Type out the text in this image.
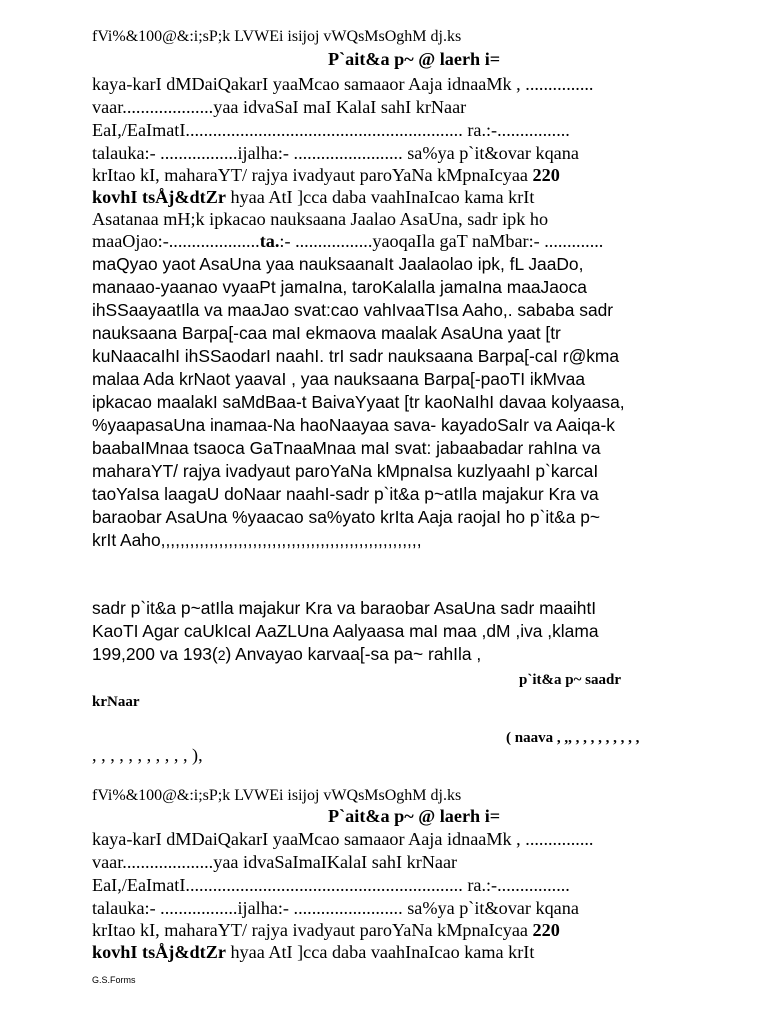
fVi%&100@&:i;sP;k LVWEi isijoj vWQsMsOghM dj.ks
P`ait&a p~ @ laerh i=
kaya-karI dMDaiQakarI yaaMcao samaaor Aaja idnaaMk , ...............
vaar....................yaa idvaSaI maI KalaI sahI krNaar
EaI,/EaImatI............................................................. ra.:-................
talauka:- .................ijalha:- ........................ sa%ya p`it&ovar kqana
krItao kI, maharaYT/ rajya ivadyaut paroYaNa kMpnaIcyaa 220
kovhI tsÅj&dtZr hyaa AtI ]cca daba vaahInaIcao kama krIt
Asatanaa mH;k ipkacao nauksaana Jaalao AsaUna, sadr ipk ho
maaOjao:-....................ta.:- .................yaoqaIla gaT naMbar:- .............
maQyao yaot AsaUna yaa nauksaanaIt Jaalaolao ipk, fL JaaDo,
manaao-yaanao vyaaPt jamaIna, taroKalaIla jamaIna maaJaoca
ihSSaayaatIla va maaJao svat:cao vahIvaaTIsa Aaho,. sababa sadr
nauksaana Barpa[-caa maI ekmaova maalak AsaUna yaat [tr
kuNaacaIhI ihSSaodarI naahI. trI sadr nauksaana Barpa[-caI r@kma
malaa Ada krNaot yaavaI , yaa nauksaana Barpa[-paoTI ikMvaa
ipkacao maalakI saMdBaa-t BaivaYyaat [tr kaoNaIhI davaa kolyaasa,
%yaapasaUna inamaa-Na haoNaayaa sava- kayadoSaIr va Aaiqa-k
baabaIMnaa tsaoca GaTnaaMnaa maI svat: jabaabadar rahIna va
maharaYT/ rajya ivadyaut paroYaNa kMpnaIsa kuzlyaahI p`karcaI
taoYaIsa laagaU doNaar naahI-sadr p`it&a p~atIla majakur Kra va
baraobar AsaUna %yaacao sa%yato krIta Aaja raojaI ho p`it&a p~
krIt Aaho,,,,,,,,,,,,,,,,,,,,,,,,,,,,,,,,,,,,,,,,,,,,,,,,,,,,,,
sadr p`it&a p~atIla majakur Kra va baraobar AsaUna sadr maaihtI
KaoTI Agar caUkIcaI AaZLUna Aalyaasa maI maa ,dM ,iva ,klama
199,200 va 193(2) Anvayao karvaa[-sa pa~ rahIla ,
p`it&a p~ saadr
krNaar
( naava , ,, , , , , , , , , ,
, , , , , , , , , , , ),
fVi%&100@&:i;sP;k LVWEi isijoj vWQsMsOghM dj.ks
P`ait&a p~ @ laerh i=
kaya-karI dMDaiQakarI yaaMcao samaaor Aaja idnaaMk , ...............
vaar....................yaa idvaSaImaIKalaI sahI krNaar
EaI,/EaImatI............................................................. ra.:-................
talauka:- .................ijalha:- ........................ sa%ya p`it&ovar kqana
krItao kI, maharaYT/ rajya ivadyaut paroYaNa kMpnaIcyaa 220
kovhI tsÅj&dtZr hyaa AtI ]cca daba vaahInaIcao kama krIt
G.S.Forms
